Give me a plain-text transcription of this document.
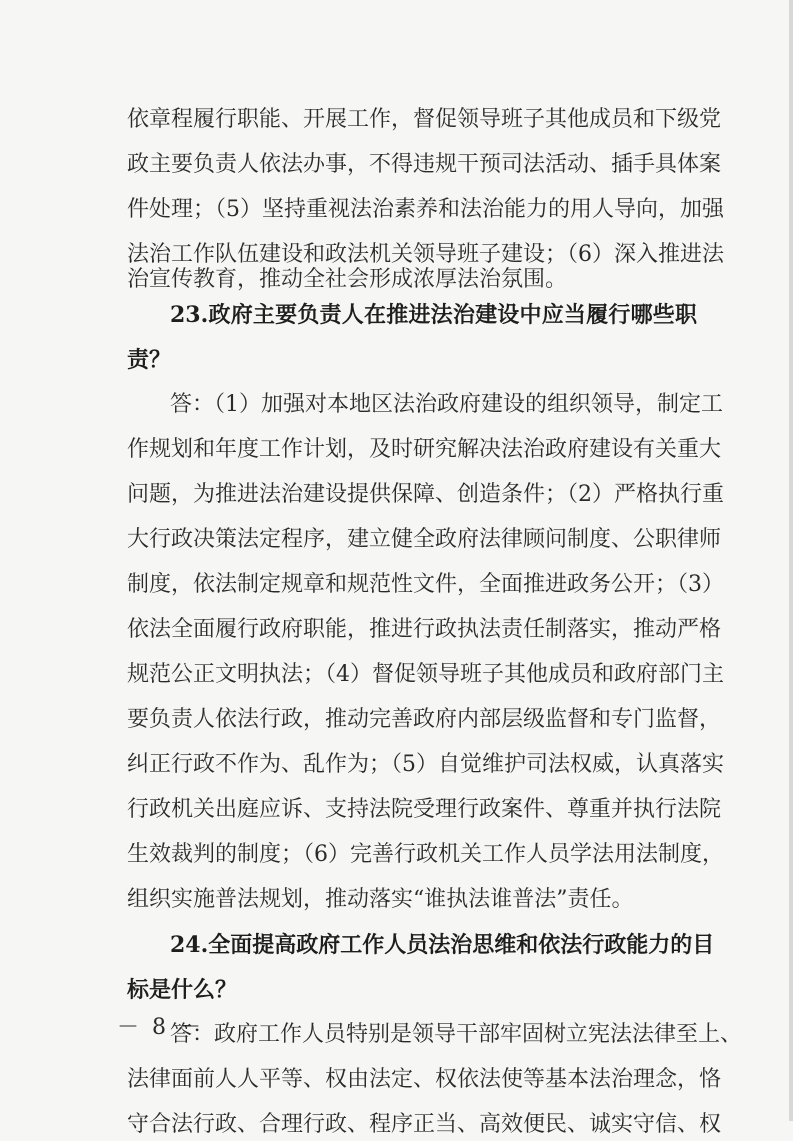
依章程履行职能、开展工作，督促领导班子其他成员和下级党
政主要负责人依法办事，不得违规干预司法活动、插手具体案
件处理；（5）坚持重视法治素养和法治能力的用人导向，加强
法治工作队伍建设和政法机关领导班子建设；（6）深入推进法
治宣传教育，推动全社会形成浓厚法治氛围。
23.政府主要负责人在推进法治建设中应当履行哪些职
责？
答：（1）加强对本地区法治政府建设的组织领导，制定工
作规划和年度工作计划，及时研究解决法治政府建设有关重大
问题，为推进法治建设提供保障、创造条件；（2）严格执行重
大行政决策法定程序，建立健全政府法律顾问制度、公职律师
制度，依法制定规章和规范性文件，全面推进政务公开；（3）
依法全面履行政府职能，推进行政执法责任制落实，推动严格
规范公正文明执法；（4）督促领导班子其他成员和政府部门主
要负责人依法行政，推动完善政府内部层级监督和专门监督，
纠正行政不作为、乱作为；（5）自觉维护司法权威，认真落实
行政机关出庭应诉、支持法院受理行政案件、尊重并执行法院
生效裁判的制度；（6）完善行政机关工作人员学法用法制度，
组织实施普法规划，推动落实“谁执法谁普法”责任。
24.全面提高政府工作人员法治思维和依法行政能力的目
标是什么？
答：政府工作人员特别是领导干部牢固树立宪法法律至上、
法律面前人人平等、权由法定、权依法使等基本法治理念，恪
守合法行政、合理行政、程序正当、高效便民、诚实守信、权
－ 8 －
